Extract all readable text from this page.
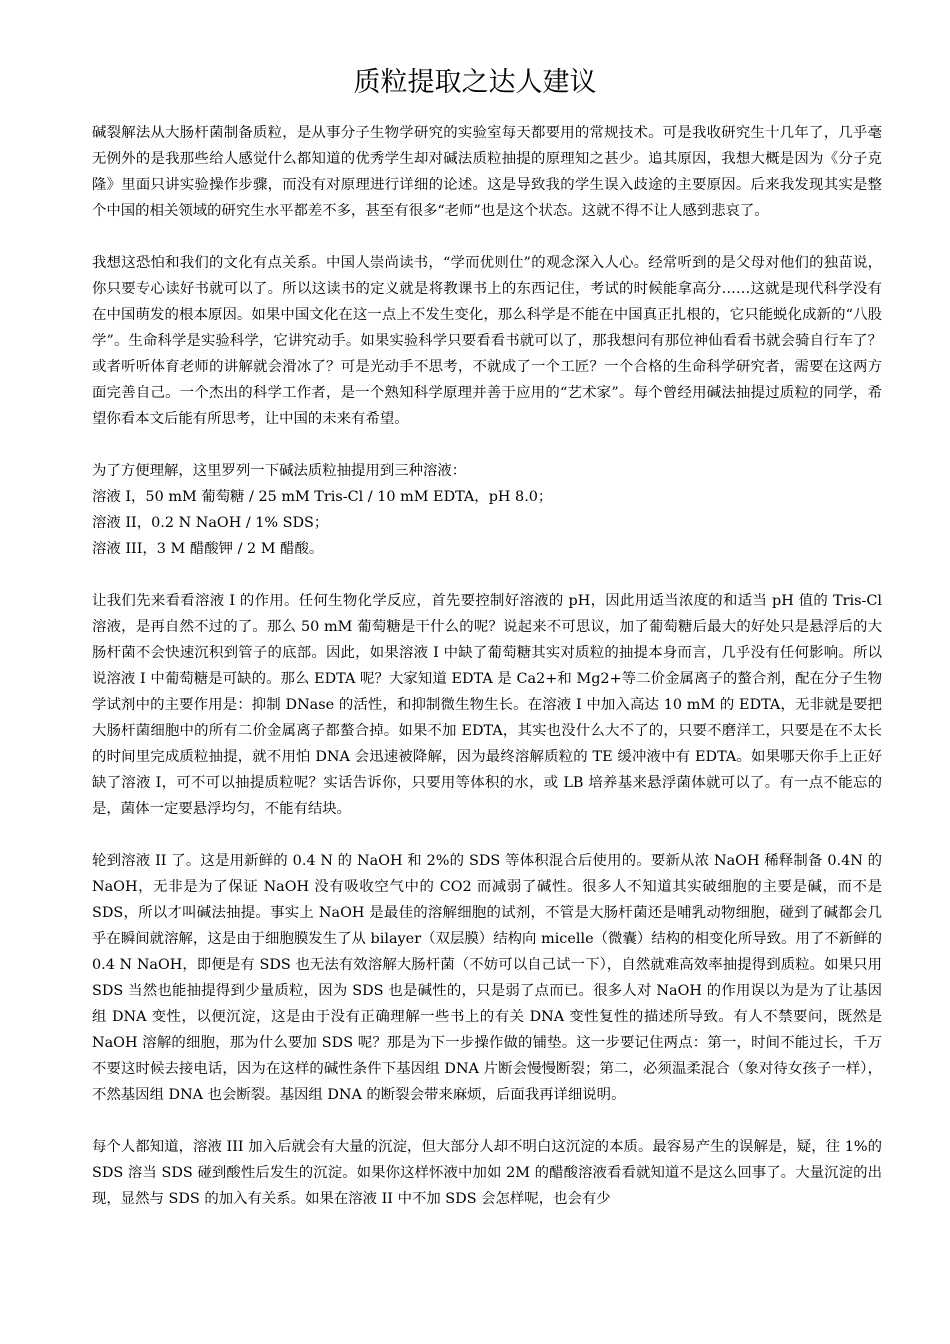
质粒提取之达人建议

碱裂解法从大肠杆菌制备质粒，是从事分子生物学研究的实验室每天都要用的常规技术。可是我收研究生十几年了，几乎毫无例外的是我那些给人感觉什么都知道的优秀学生却对碱法质粒抽提的原理知之甚少。追其原因，我想大概是因为《分子克隆》里面只讲实验操作步骤，而没有对原理进行详细的论述。这是导致我的学生误入歧途的主要原因。后来我发现其实是整个中国的相关领域的研究生水平都差不多，甚至有很多“老师”也是这个状态。这就不得不让人感到悲哀了。

我想这恐怕和我们的文化有点关系。中国人崇尚读书，“学而优则仕”的观念深入人心。经常听到的是父母对他们的独苗说，你只要专心读好书就可以了。所以这读书的定义就是将教课书上的东西记住，考试的时候能拿高分……这就是现代科学没有在中国萌发的根本原因。如果中国文化在这一点上不发生变化，那么科学是不能在中国真正扎根的，它只能蜕化成新的“八股学”。生命科学是实验科学，它讲究动手。如果实验科学只要看看书就可以了，那我想问有那位神仙看看书就会骑自行车了？或者听听体育老师的讲解就会滑冰了？可是光动手不思考，不就成了一个工匠？一个合格的生命科学研究者，需要在这两方面完善自己。一个杰出的科学工作者，是一个熟知科学原理并善于应用的“艺术家”。每个曾经用碱法抽提过质粒的同学，希望你看本文后能有所思考，让中国的未来有希望。

为了方便理解，这里罗列一下碱法质粒抽提用到三种溶液：

溶液 I，50 mM 葡萄糖 / 25 mM Tris-Cl / 10 mM EDTA，pH 8.0；

溶液 II，0.2 N NaOH / 1% SDS；

溶液 III，3 M 醋酸钾 / 2 M 醋酸。

让我们先来看看溶液 I 的作用。任何生物化学反应，首先要控制好溶液的 pH，因此用适当浓度的和适当 pH 值的 Tris-Cl 溶液，是再自然不过的了。那么 50 mM 葡萄糖是干什么的呢？说起来不可思议，加了葡萄糖后最大的好处只是悬浮后的大肠杆菌不会快速沉积到管子的底部。因此，如果溶液 I 中缺了葡萄糖其实对质粒的抽提本身而言，几乎没有任何影响。所以说溶液 I 中葡萄糖是可缺的。那么 EDTA 呢？大家知道 EDTA 是 Ca2+和 Mg2+等二价金属离子的螯合剂，配在分子生物学试剂中的主要作用是：抑制 DNase 的活性，和抑制微生物生长。在溶液 I 中加入高达 10 mM 的 EDTA，无非就是要把大肠杆菌细胞中的所有二价金属离子都螯合掉。如果不加 EDTA，其实也没什么大不了的，只要不磨洋工，只要是在不太长的时间里完成质粒抽提，就不用怕 DNA 会迅速被降解，因为最终溶解质粒的 TE 缓冲液中有 EDTA。如果哪天你手上正好缺了溶液 I，可不可以抽提质粒呢？实话告诉你，只要用等体积的水，或 LB 培养基来悬浮菌体就可以了。有一点不能忘的是，菌体一定要悬浮均匀，不能有结块。

轮到溶液 II 了。这是用新鲜的 0.4 N 的 NaOH 和 2%的 SDS 等体积混合后使用的。要新从浓 NaOH 稀释制备 0.4N 的 NaOH，无非是为了保证 NaOH 没有吸收空气中的 CO2 而减弱了碱性。很多人不知道其实破细胞的主要是碱，而不是 SDS，所以才叫碱法抽提。事实上 NaOH 是最佳的溶解细胞的试剂，不管是大肠杆菌还是哺乳动物细胞，碰到了碱都会几乎在瞬间就溶解，这是由于细胞膜发生了从 bilayer（双层膜）结构向 micelle（微囊）结构的相变化所导致。用了不新鲜的 0.4 N NaOH，即便是有 SDS 也无法有效溶解大肠杆菌（不妨可以自己试一下），自然就难高效率抽提得到质粒。如果只用 SDS 当然也能抽提得到少量质粒，因为 SDS 也是碱性的，只是弱了点而已。很多人对 NaOH 的作用误以为是为了让基因组 DNA 变性，以便沉淀，这是由于没有正确理解一些书上的有关 DNA 变性复性的描述所导致。有人不禁要问，既然是 NaOH 溶解的细胞，那为什么要加 SDS 呢？那是为下一步操作做的铺垫。这一步要记住两点：第一，时间不能过长，千万不要这时候去接电话，因为在这样的碱性条件下基因组 DNA 片断会慢慢断裂；第二，必须温柔混合（象对待女孩子一样），不然基因组 DNA 也会断裂。基因组 DNA 的断裂会带来麻烦，后面我再详细说明。

每个人都知道，溶液 III 加入后就会有大量的沉淀，但大部分人却不明白这沉淀的本质。最容易产生的误解是，疑，往 1%的 SDS 溶当 SDS 碰到酸性后发生的沉淀。如果你这样怀液中加如 2M 的醋酸溶液看看就知道不是这么回事了。大量沉淀的出现，显然与 SDS 的加入有关系。如果在溶液 II 中不加 SDS 会怎样呢，也会有少
